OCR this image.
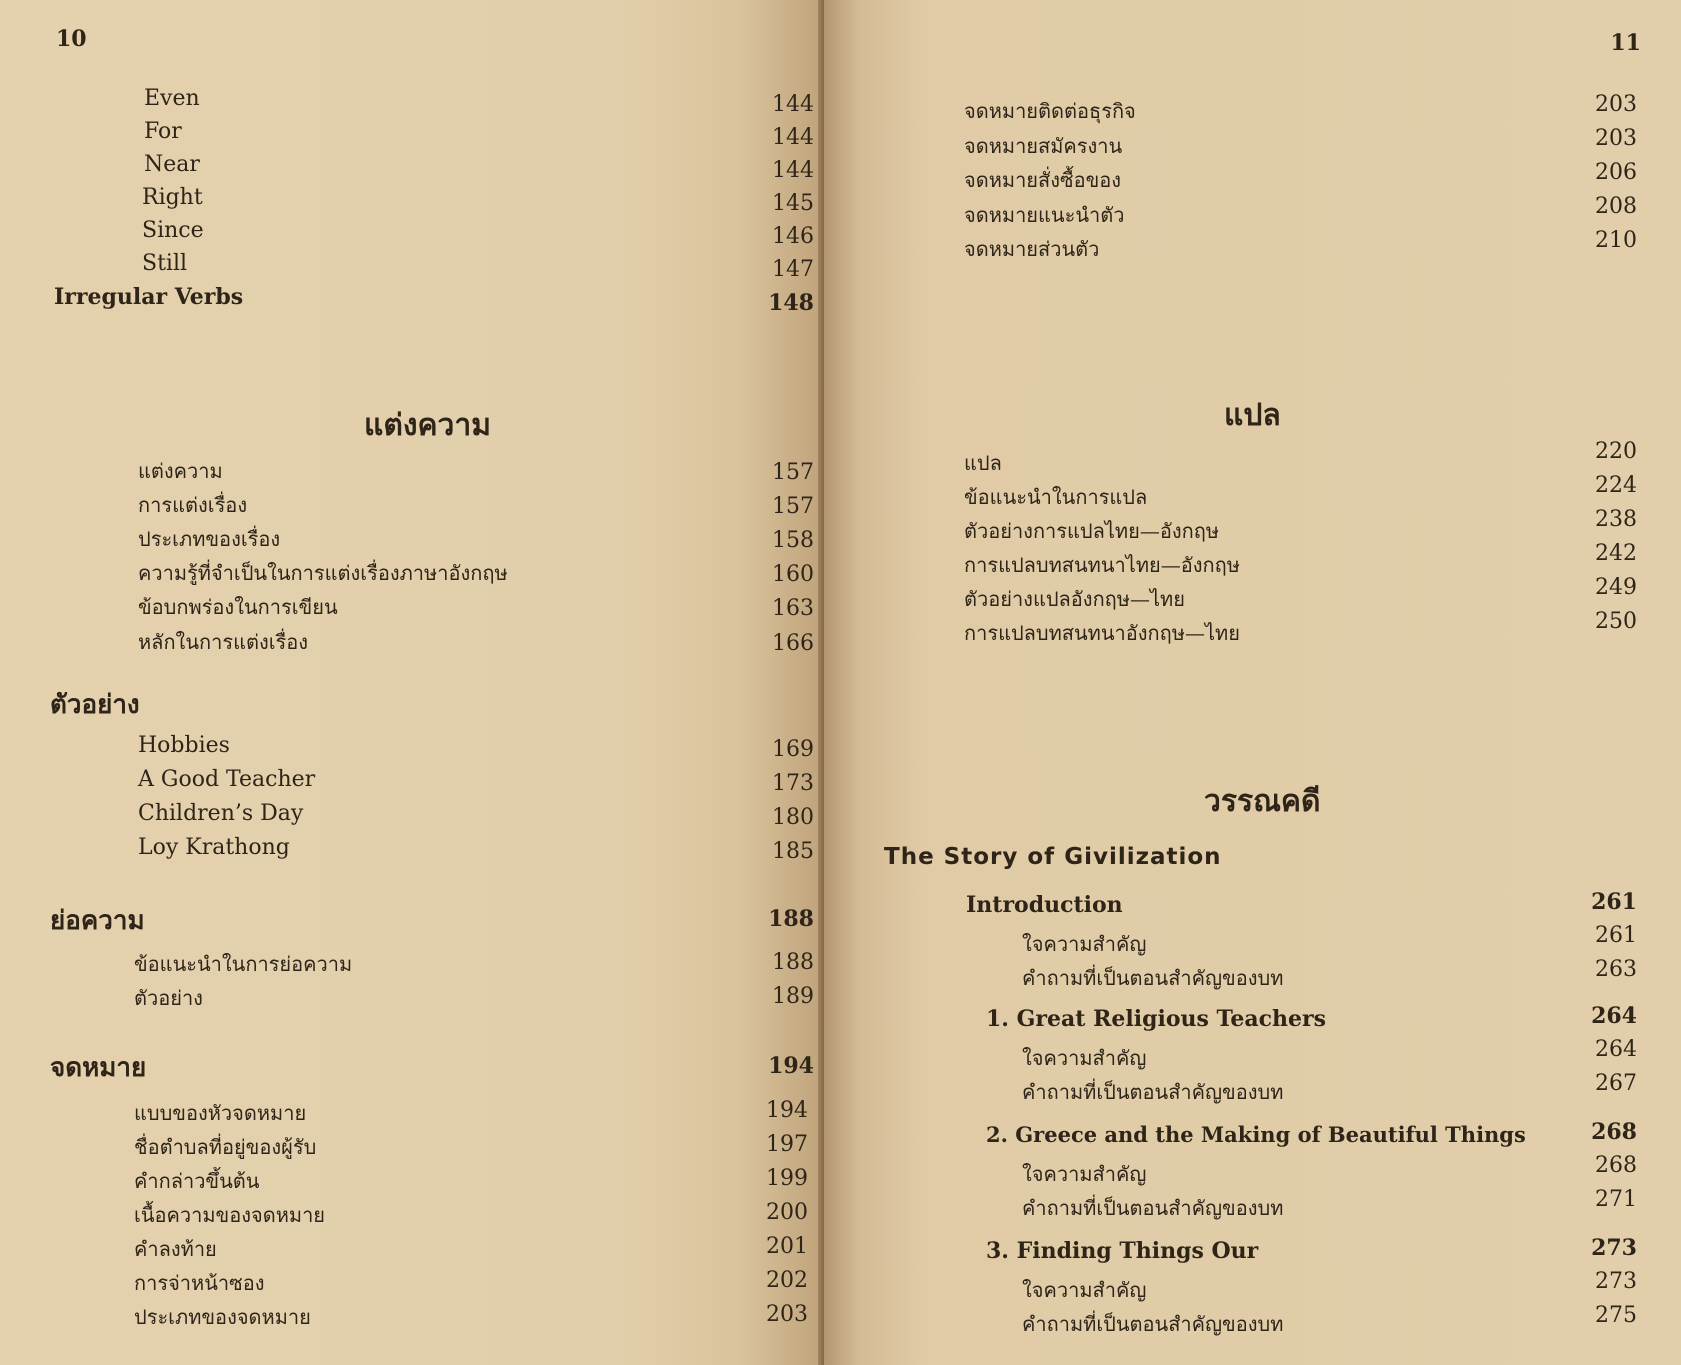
10
Even	144
For	144
Near	144
Right	145
Since	146
Still	147
Irregular Verbs	148
แต่งความ
แต่งความ	157
การแต่งเรื่อง	157
ประเภทของเรื่อง	158
ความรู้ที่จำเป็นในการแต่งเรื่องภาษาอังกฤษ	160
ข้อบกพร่องในการเขียน	163
หลักในการแต่งเรื่อง	166
ตัวอย่าง
Hobbies	169
A Good Teacher	173
Children’s Day	180
Loy Krathong	185
ย่อความ	188
ข้อแนะนำในการย่อความ	188
ตัวอย่าง	189
จดหมาย	194
แบบของหัวจดหมาย	194
ชื่อตำบลที่อยู่ของผู้รับ	197
คำกล่าวขึ้นต้น	199
เนื้อความของจดหมาย	200
คำลงท้าย	201
การจ่าหน้าซอง	202
ประเภทของจดหมาย	203
11
จดหมายติดต่อธุรกิจ	203
จดหมายสมัครงาน	203
จดหมายสั่งซื้อของ	206
จดหมายแนะนำตัว	208
จดหมายส่วนตัว	210
แปล
แปล	220
ข้อแนะนำในการแปล	224
ตัวอย่างการแปลไทย—อังกฤษ	238
การแปลบทสนทนาไทย—อังกฤษ	242
ตัวอย่างแปลอังกฤษ—ไทย	249
การแปลบทสนทนาอังกฤษ—ไทย	250
วรรณคดี
The Story of Givilization
Introduction	261
ใจความสำคัญ	261
คำถามที่เป็นตอนสำคัญของบท	263
1. Great Religious Teachers	264
ใจความสำคัญ	264
คำถามที่เป็นตอนสำคัญของบท	267
2. Greece and the Making of Beautiful Things	268
ใจความสำคัญ	268
คำถามที่เป็นตอนสำคัญของบท	271
3. Finding Things Our	273
ใจความสำคัญ	273
คำถามที่เป็นตอนสำคัญของบท	275
